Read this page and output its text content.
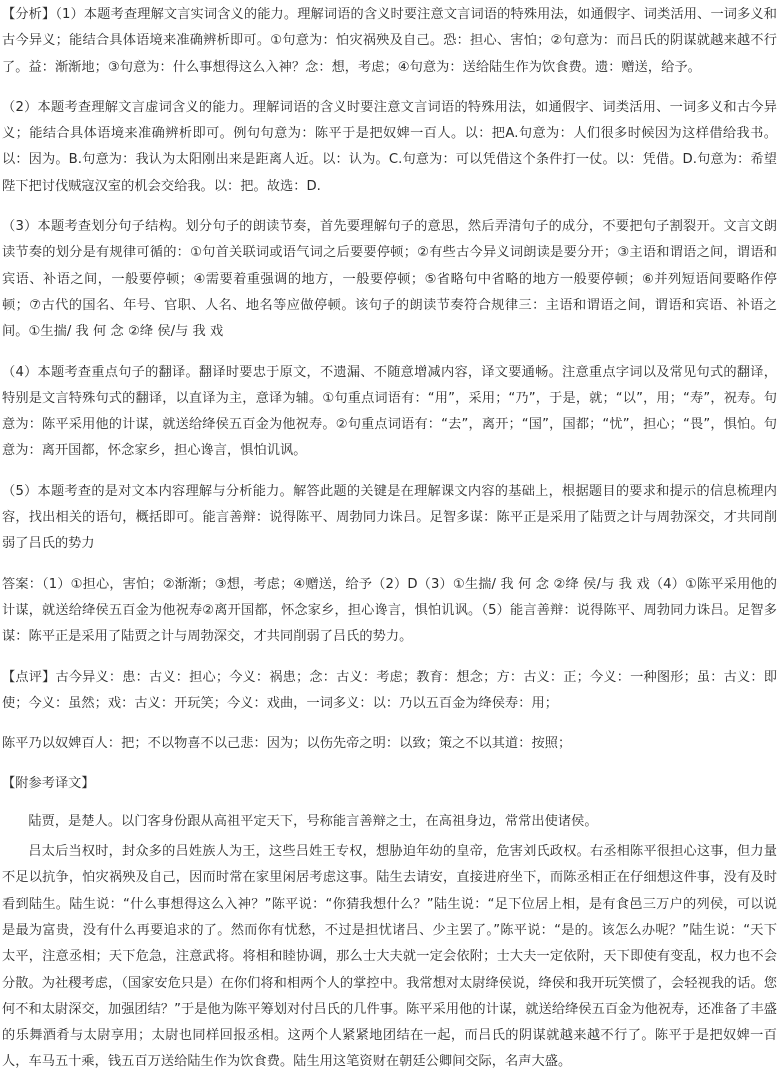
【分析】（1）本题考查理解文言实词含义的能力。理解词语的含义时要注意文言词语的特殊用法，如通假字、词类活用、一词多义和古今异义；能结合具体语境来准确辨析即可。①句意为：怕灾祸殃及自己。恐：担心、害怕；②句意为：而吕氏的阴谋就越来越不行了。益：渐渐地；③句意为：什么事想得这么入神？念：想，考虑；④句意为：送给陆生作为饮食费。遗：赠送，给予。

（2）本题考查理解文言虚词含义的能力。理解词语的含义时要注意文言词语的特殊用法，如通假字、词类活用、一词多义和古今异义；能结合具体语境来准确辨析即可。例句句意为：陈平于是把奴婢一百人。以：把A.句意为：人们很多时候因为这样借给我书。以：因为。B.句意为：我认为太阳刚出来是距离人近。以：认为。C.句意为：可以凭借这个条件打一仗。以：凭借。D.句意为：希望陛下把讨伐贼寇汉室的机会交给我。以：把。故选：D.

（3）本题考查划分句子结构。划分句子的朗读节奏，首先要理解句子的意思，然后弄清句子的成分，不要把句子割裂开。文言文朗读节奏的划分是有规律可循的：①句首关联词或语气词之后要要停顿；②有些古今异义词朗读是要分开；③主语和谓语之间，谓语和宾语、补语之间，一般要停顿；④需要着重强调的地方，一般要停顿；⑤省略句中省略的地方一般要停顿；⑥并列短语间要略作停顿；⑦古代的国名、年号、官职、人名、地名等应做停顿。该句子的朗读节奏符合规律三：主语和谓语之间，谓语和宾语、补语之间。①生揣/ 我 何 念 ②绛 侯/与 我 戏

（4）本题考查重点句子的翻译。翻译时要忠于原文，不遗漏、不随意增减内容，译文要通畅。注意重点字词以及常见句式的翻译，特别是文言特殊句式的翻译，以直译为主，意译为辅。①句重点词语有：“用”，采用；“乃”，于是，就；“以”，用；“寿”，祝寿。句意为：陈平采用他的计谋，就送给绛侯五百金为他祝寿。②句重点词语有：“去”，离开；“国”，国都；“忧”，担心；“畏”，惧怕。句意为：离开国都，怀念家乡，担心谗言，惧怕讥讽。

（5）本题考查的是对文本内容理解与分析能力。解答此题的关键是在理解课文内容的基础上，根据题目的要求和提示的信息梳理内容，找出相关的语句，概括即可。能言善辩：说得陈平、周勃同力诛吕。足智多谋：陈平正是采用了陆贾之计与周勃深交，才共同削弱了吕氏的势力

答案：（1）①担心，害怕；②渐渐；③想，考虑；④赠送，给予（2）D（3）①生揣/ 我 何 念 ②绛 侯/与 我 戏（4）①陈平采用他的计谋，就送给绛侯五百金为他祝寿②离开国都，怀念家乡，担心谗言，惧怕讥讽。（5）能言善辩：说得陈平、周勃同力诛吕。足智多谋：陈平正是采用了陆贾之计与周勃深交，才共同削弱了吕氏的势力。

【点评】古今异义：患：古义：担心；今义：祸患；念：古义：考虑；教育：想念；方：古义：正；今义：一种图形；虽：古义：即使；今义：虽然；戏：古义：开玩笑；今义：戏曲，一词多义：以：乃以五百金为绛侯寿：用；

陈平乃以奴婢百人：把；不以物喜不以己悲：因为；以伤先帝之明：以致；策之不以其道：按照；

【附参考译文】

陆贾，是楚人。以门客身份跟从高祖平定天下，号称能言善辩之士，在高祖身边，常常出使诸侯。

吕太后当权时，封众多的吕姓族人为王，这些吕姓王专权，想胁迫年幼的皇帝，危害刘氏政权。右丞相陈平很担心这事，但力量不足以抗争，怕灾祸殃及自己，因而时常在家里闲居考虑这事。陆生去请安，直接进府坐下，而陈丞相正在仔细想这件事，没有及时看到陆生。陆生说：“什么事想得这么入神？”陈平说：“你猜我想什么？”陆生说：“足下位居上相，是有食邑三万户的列侯，可以说是最为富贵，没有什么再要追求的了。然而你有忧愁，不过是担忧诸吕、少主罢了。”陈平说：“是的。该怎么办呢？”陆生说：“天下太平，注意丞相；天下危急，注意武将。将相和睦协调，那么士大夫就一定会依附；士大夫一定依附，天下即使有变乱，权力也不会分散。为社稷考虑，（国家安危只是）在你们将和相两个人的掌控中。我常想对太尉绛侯说，绛侯和我开玩笑惯了，会轻视我的话。您何不和太尉深交，加强团结？”于是他为陈平筹划对付吕氏的几件事。陈平采用他的计谋，就送给绛侯五百金为他祝寿，还准备了丰盛的乐舞酒肴与太尉享用；太尉也同样回报丞相。这两个人紧紧地团结在一起，而吕氏的阴谋就越来越不行了。陈平于是把奴婢一百人，车马五十乘，钱五百万送给陆生作为饮食费。陆生用这笔资财在朝廷公卿间交际，名声大盛。
